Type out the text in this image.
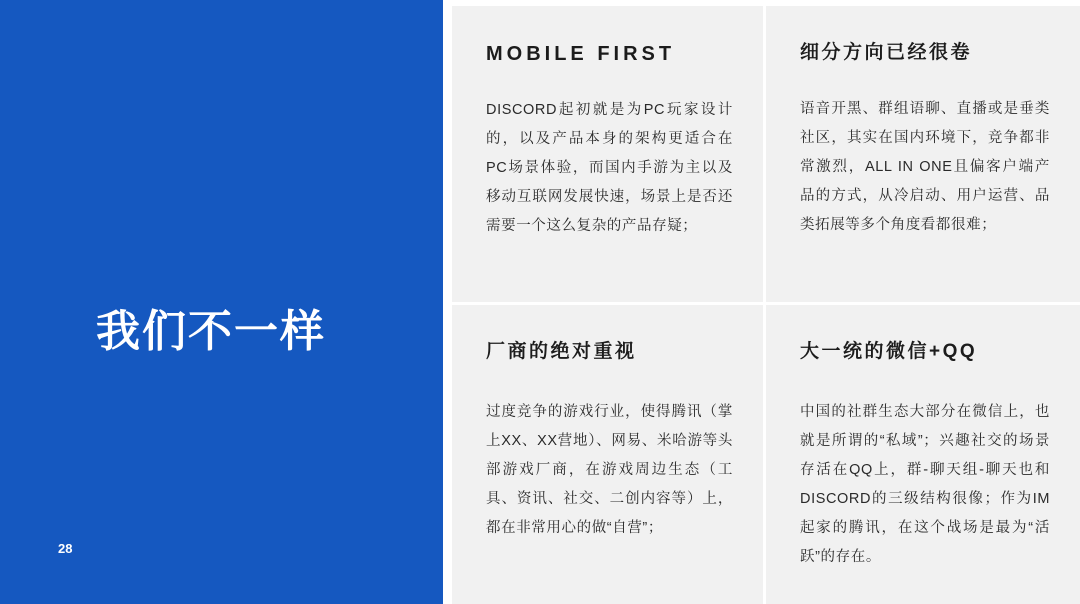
我们不一样
28
MOBILE FIRST

DISCORD起初就是为PC玩家设计的，以及产品本身的架构更适合在PC场景体验，而国内手游为主以及移动互联网发展快速，场景上是否还需要一个这么复杂的产品存疑；

细分方向已经很卷

语音开黑、群组语聊、直播或是垂类社区，其实在国内环境下，竞争都非常激烈，ALL IN ONE且偏客户端产品的方式，从冷启动、用户运营、品类拓展等多个角度看都很难；

厂商的绝对重视

过度竞争的游戏行业，使得腾讯（掌上XX、XX营地）、网易、米哈游等头部游戏厂商，在游戏周边生态（工具、资讯、社交、二创内容等）上，都在非常用心的做“自营”；

大一统的微信+QQ

中国的社群生态大部分在微信上，也就是所谓的“私域”；兴趣社交的场景存活在QQ上，群-聊天组-聊天也和DISCORD的三级结构很像；作为IM起家的腾讯，在这个战场是最为“活跃”的存在。
